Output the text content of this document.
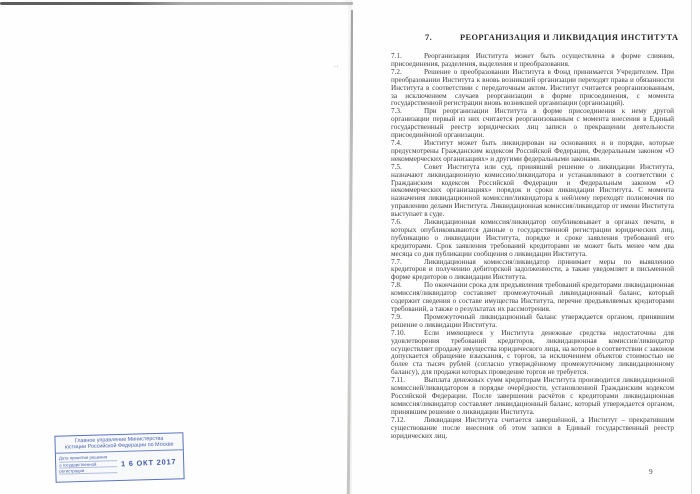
..
Главное управление Министерства
юстиции Российской Федерации по Москве
Дата принятия решения
о государственной
регистрации
1 6 ОКТ 2017
7.	РЕОРГАНИЗАЦИЯ И ЛИКВИДАЦИЯ ИНСТИТУТА

7.1.	Реорганизация Института может быть осуществлена в форме слияния, присоединения, разделения, выделения и преобразования.

7.2.	Решение о преобразовании Института в Фонд принимается Учредителем. При преобразовании Института к вновь возникшей организации переходят права и обязанности Института в соответствии с передаточным актом. Институт считается реорганизованным, за исключением случаев реорганизации в форме присоединения, с момента государственной регистрации вновь возникшей организации (организаций).

7.3.	При реорганизации Института в форме присоединения к нему другой организации первый из них считается реорганизованным с момента внесения в Единый государственный реестр юридических лиц записи о прекращении деятельности присоединённой организации.

7.4.	Институт может быть ликвидирован на основаниях и в порядке, которые предусмотрены Гражданским кодексом Российской Федерации, Федеральным законом «О некоммерческих организациях» и другими федеральными законами.

7.5.	Совет Института или суд, принявший решение о ликвидации Института, назначают ликвидационную комиссию/ликвидатора и устанавливают в соответствии с Гражданским кодексом Российской Федерации и Федеральным законом «О некоммерческих организациях» порядок и сроки ликвидации Института. С момента назначения ликвидационной комиссии/ликвидатора к ней/нему переходят полномочия по управлению делами Института. Ликвидационная комиссия/ликвидатор от имени Института выступает в суде.

7.6.	Ликвидационная комиссия/ликвидатор опубликовывает в органах печати, в которых опубликовываются данные о государственной регистрации юридических лиц, публикацию о ликвидации Института, порядке и сроке заявления требований его кредиторами. Срок заявления требований кредиторами не может быть менее чем два месяца со дня публикации сообщения о ликвидации Института.

7.7.	Ликвидационная комиссия/ликвидатор принимает меры по выявлению кредиторов и получению дебиторской задолженности, а также уведомляет в письменной форме кредиторов о ликвидации Института.

7.8.	По окончании срока для предъявления требований кредиторами ликвидационная комиссия/ликвидатор составляет промежуточный ликвидационный баланс, который содержит сведения о составе имущества Института, перечне предъявляемых кредиторами требований, а также о результатах их рассмотрения.

7.9.	Промежуточный ликвидационный баланс утверждается органом, принявшим решение о ликвидации Института.

7.10.	Если имеющиеся у Института денежные средства недостаточны для удовлетворения требований кредиторов, ликвидационная комиссия/ликвидатор осуществляет продажу имущества юридического лица, на которое в соответствии с законом допускается обращение взыскания, с торгов, за исключением объектов стоимостью не более ста тысяч рублей (согласно утверждённому промежуточному ликвидационному балансу), для продажи которых проведение торгов не требуется.

7.11.	Выплата денежных сумм кредиторам Института производится ликвидационной комиссией/ликвидатором в порядке очерёдности, установленной Гражданским кодексом Российской Федерации. После завершения расчётов с кредиторами ликвидационная комиссия/ликвидатор составляет ликвидационный баланс, который утверждается органом, принявшим решение о ликвидации Института.

7.12.	Ликвидация Института считается завершённой, а Институт – прекратившим существование после внесения об этом записи в Единый государственный реестр юридических лиц.

9
